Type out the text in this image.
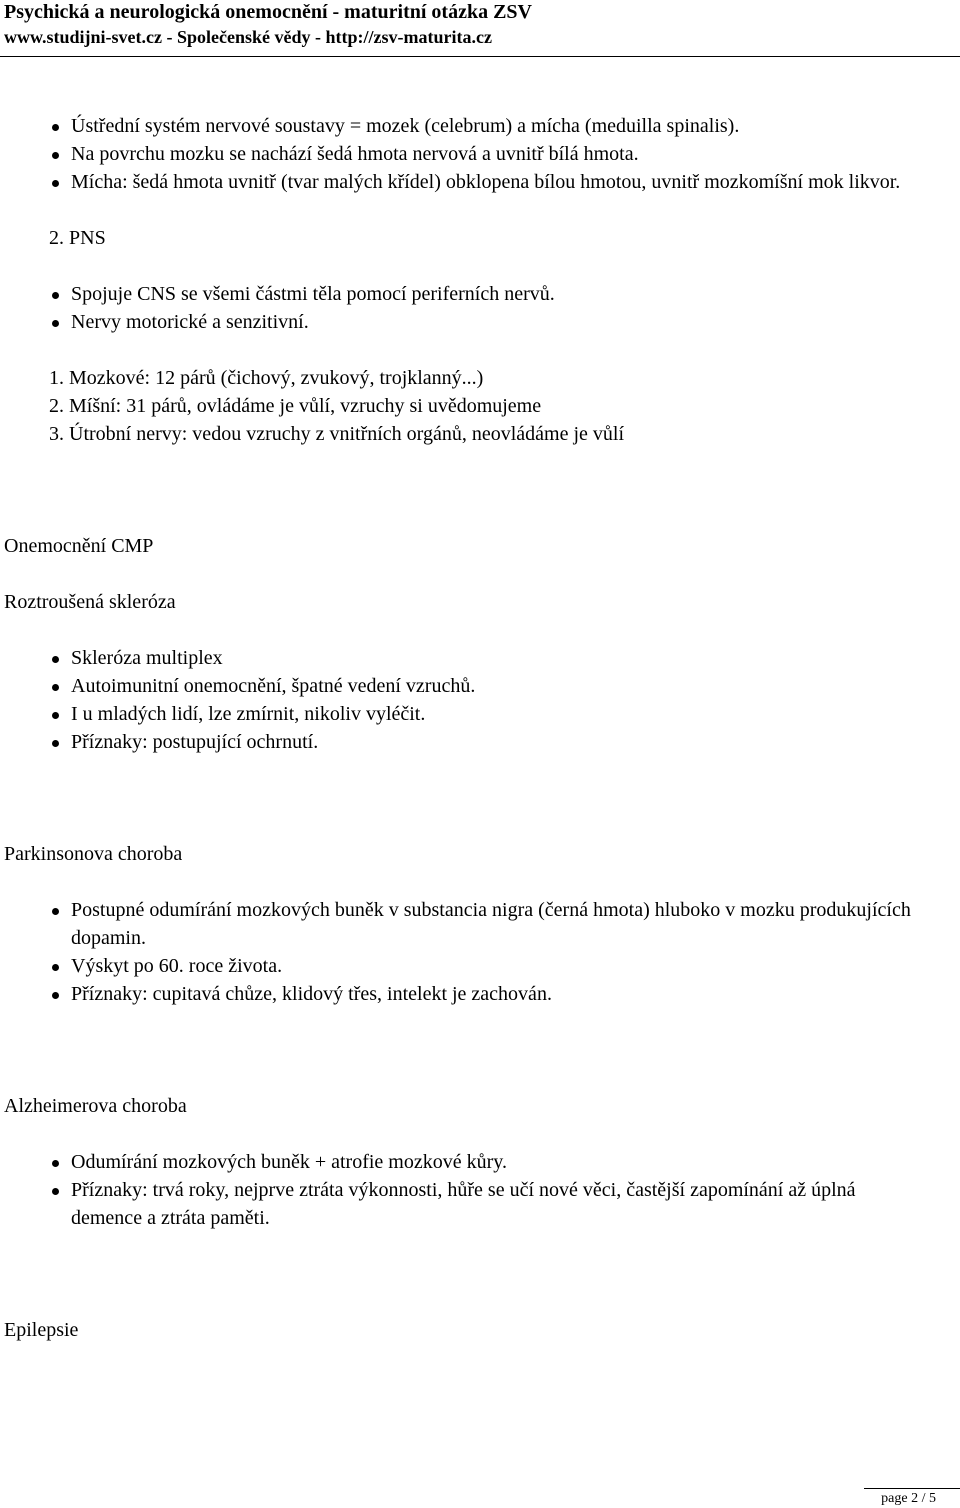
Psychická a neurologická onemocnění - maturitní otázka ZSV
www.studijni-svet.cz - Společenské vědy - http://zsv-maturita.cz
Ústřední systém nervové soustavy = mozek (celebrum) a mícha (meduilla spinalis).
Na povrchu mozku se nachází šedá hmota nervová a uvnitř bílá hmota.
Mícha: šedá hmota uvnitř (tvar malých křídel) obklopena bílou hmotou, uvnitř mozkomíšní mok likvor.
2. PNS
Spojuje CNS se všemi částmi těla pomocí periferních nervů.
Nervy motorické a senzitivní.
1. Mozkové: 12 párů (čichový, zvukový, trojklanný...)
2. Míšní: 31 párů, ovládáme je vůlí, vzruchy si uvědomujeme
3. Útrobní nervy: vedou vzruchy z vnitřních orgánů, neovládáme je vůlí
Onemocnění CMP
Roztroušená skleróza
Skleróza multiplex
Autoimunitní onemocnění, špatné vedení vzruchů.
I u mladých lidí, lze zmírnit, nikoliv vyléčit.
Příznaky: postupující ochrnutí.
Parkinsonova choroba
Postupné odumírání mozkových buněk v substancia nigra (černá hmota) hluboko v mozku produkujících dopamin.
Výskyt po 60. roce života.
Příznaky: cupitavá chůze, klidový třes, intelekt je zachován.
Alzheimerova choroba
Odumírání mozkových buněk + atrofie mozkové kůry.
Příznaky: trvá roky, nejprve ztráta výkonnosti, hůře se učí nové věci, častější zapomínání až úplná demence a ztráta paměti.
Epilepsie
page 2 / 5
